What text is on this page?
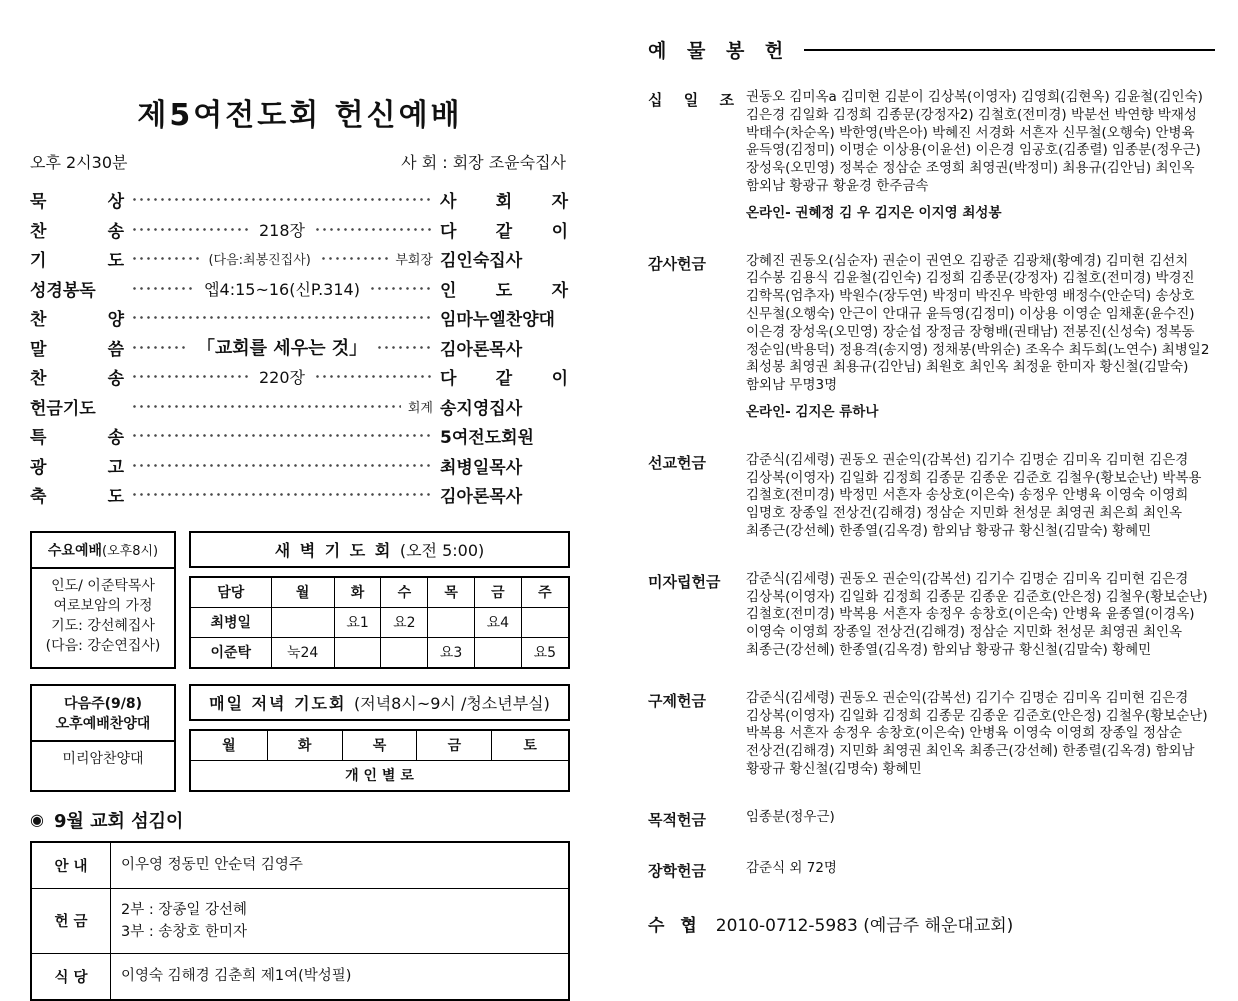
제5여전도회 헌신예배
오후 2시30분	사 회 : 회장 조윤숙집사
묵 상	사 회 자
찬 송	218장	다 같 이
기 도	(다음:최봉진집사)	부회장 김인숙집사
성경봉독	엡4:15~16(신P.314)	인 도 자
찬 양	임마누엘찬양대
말 씀	「교회를 세우는 것」	김아론목사
찬 송	220장	다 같 이
헌금기도	회계 송지영집사
특 송	5여전도회원
광 고	최병일목사
축 도	김아론목사
수요예배(오후8시)
인도/ 이준탁목사
여로보암의 가정
기도: 강선혜집사
(다음: 강순연집사)
새 벽 기 도 회 (오전 5:00)
담당	월	화	수	목	금	주
최병일		요1	요2		요4	
이준탁	눅24			요3		요5
다음주(9/8)
오후예배찬양대
미리암찬양대
매일 저녁 기도회 (저녁8시~9시 /청소년부실)
월	화	목	금	토
개 인 별 로
◉ 9월 교회 섬김이
안 내	이우영 정동민 안순덕 김영주

헌 금	2부 : 장종일 강선혜
3부 : 송창호 한미자

식 당	이영숙 김해경 김춘희 제1여(박성필)
예 물 봉 헌
십 일 조 권동오 김미옥a 김미현 김분이 김상복(이영자) 김영희(김현옥) 김윤철(김인숙)
김은경 김일화 김정희 김종문(강정자2) 김철호(전미경) 박분선 박연향 박재성
박태수(차순옥) 박한영(박은아) 박혜진 서경화 서흔자 신무철(오행숙) 안병육
윤득영(김정미) 이명순 이상용(이윤선) 이은경 임공호(김종렬) 임종분(정우근)
장성욱(오민영) 정복순 정삼순 조영희 최영권(박정미) 최용규(김안님) 최인옥
함외남 황광규 황윤경 한주금속
온라인- 권혜정 김 우 김지은 이지영 최성봉
감사헌금	강혜진 권동오(심순자) 권순이 권연오 김광준 김광채(황예경) 김미현 김선치
김수봉 김용식 김윤철(김인숙) 김정희 김종문(강정자) 김철호(전미경) 박경진
김학목(엄추자) 박원수(장두연) 박정미 박진우 박한영 배정수(안순덕) 송상호
신무철(오행숙) 안근이 안대규 윤득영(김정미) 이상용 이영순 임채훈(윤수진)
이은경 장성욱(오민영) 장순섭 장정금 장형배(권태남) 전봉진(신성숙) 정복동
정순임(박용덕) 정용격(송지영) 정채봉(박위순) 조옥수 최두희(노연수) 최병일2
최성봉 최영권 최용규(김안님) 최원호 최인옥 최정윤 한미자 황신철(김말숙)
함외남 무명3명
온라인- 김지은 류하나
선교헌금	감준식(김세령) 권동오 권순익(감복선) 김기수 김명순 김미옥 김미현 김은경
김상복(이영자) 김일화 김정희 김종문 김종운 김준호 김철우(황보순난) 박복용
김철호(전미경) 박정민 서흔자 송상호(이은숙) 송정우 안병육 이영숙 이영희
임명호 장종일 전상건(김해경) 정삼순 지민화 천성문 최영권 최은희 최인옥
최종근(강선혜) 한종열(김옥경) 함외남 황광규 황신철(김말숙) 황혜민
미자립헌금	감준식(김세령) 권동오 권순익(감복선) 김기수 김명순 김미옥 김미현 김은경
김상복(이영자) 김일화 김정희 김종문 김종운 김준호(안은정) 김철우(황보순난)
김철호(전미경) 박복용 서흔자 송정우 송창호(이은숙) 안병육 윤종열(이경옥)
이영숙 이영희 장종일 전상건(김해경) 정삼순 지민화 천성문 최영권 최인옥
최종근(강선혜) 한종열(김옥경) 함외남 황광규 황신철(김말숙) 황혜민
구제헌금	감준식(김세령) 권동오 권순익(감복선) 김기수 김명순 김미옥 김미현 김은경
김상복(이영자) 김일화 김정희 김종문 김종운 김준호(안은정) 김철우(황보순난)
박복용 서흔자 송정우 송창호(이은숙) 안병육 이영숙 이영희 장종일 정삼순
전상건(김해경) 지민화 최영권 최인옥 최종근(강선혜) 한종렬(김옥경) 함외남
황광규 황신철(김명숙) 황혜민
목적헌금	임종분(정우근)
장학헌금	감준식 외 72명
수 협 2010-0712-5983 (예금주 해운대교회)
